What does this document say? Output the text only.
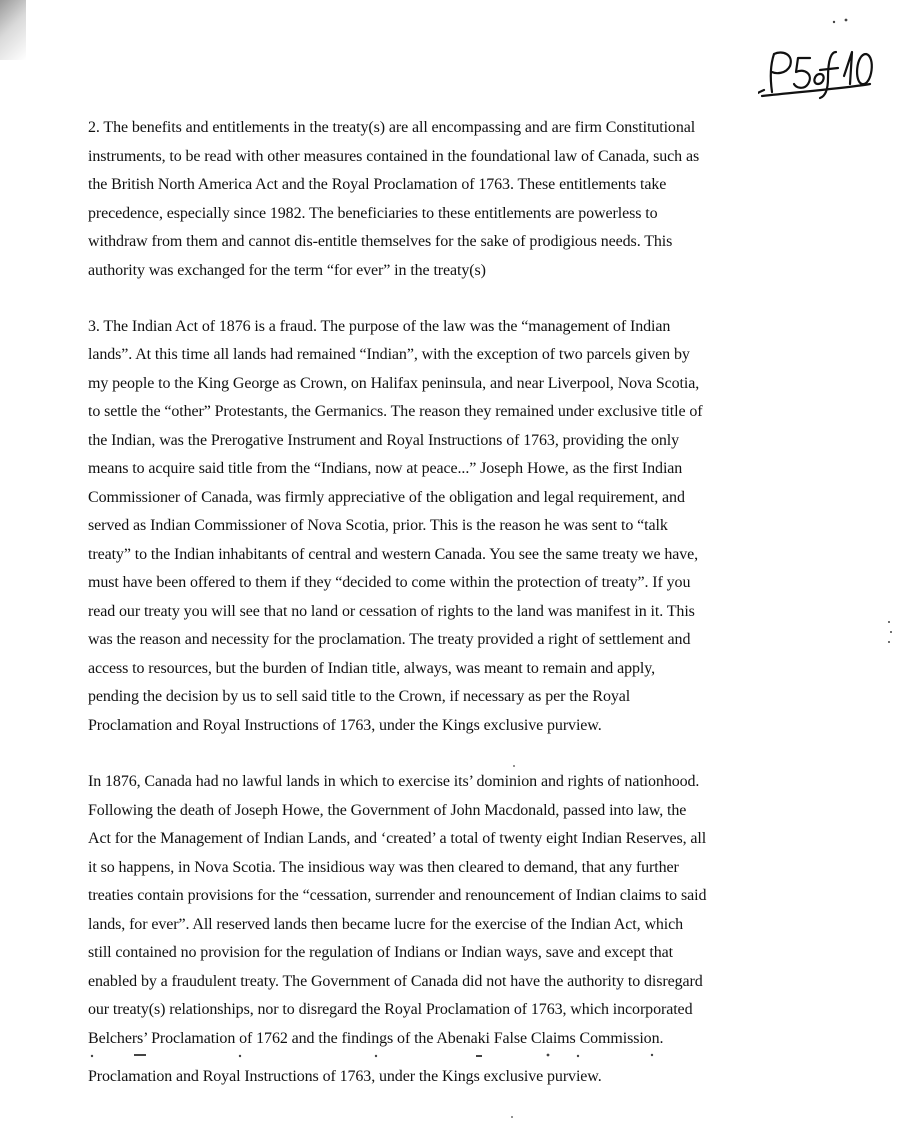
2. The benefits and entitlements in the treaty(s) are all encompassing and are firm Constitutional
instruments, to be read with other measures contained in the foundational law of Canada, such as
the British North America Act and the Royal Proclamation of 1763. These entitlements take
precedence, especially since 1982. The beneficiaries to these entitlements are powerless to
withdraw from them and cannot dis-entitle themselves for the sake of prodigious needs. This
authority was exchanged for the term “for ever” in the treaty(s)
3. The Indian Act of 1876 is a fraud. The purpose of the law was the “management of Indian
lands”. At this time all lands had remained “Indian”, with the exception of two parcels given by
my people to the King George as Crown, on Halifax peninsula, and near Liverpool, Nova Scotia,
to settle the “other” Protestants, the Germanics. The reason they remained under exclusive title of
the Indian, was the Prerogative Instrument and Royal Instructions of 1763, providing the only
means to acquire said title from the “Indians, now at peace...” Joseph Howe, as the first Indian
Commissioner of Canada, was firmly appreciative of the obligation and legal requirement, and
served as Indian Commissioner of Nova Scotia, prior. This is the reason he was sent to “talk
treaty” to the Indian inhabitants of central and western Canada. You see the same treaty we have,
must have been offered to them if they “decided to come within the protection of treaty”. If you
read our treaty you will see that no land or cessation of rights to the land was manifest in it. This
was the reason and necessity for the proclamation. The treaty provided a right of settlement and
access to resources, but the burden of Indian title, always, was meant to remain and apply,
pending the decision by us to sell said title to the Crown, if necessary as per the Royal
Proclamation and Royal Instructions of 1763, under the Kings exclusive purview.
In 1876, Canada had no lawful lands in which to exercise its’ dominion and rights of nationhood.
Following the death of Joseph Howe, the Government of John Macdonald, passed into law, the
Act for the Management of Indian Lands, and ‘created’ a total of twenty eight Indian Reserves, all
it so happens, in Nova Scotia. The insidious way was then cleared to demand, that any further
treaties contain provisions for the “cessation, surrender and renouncement of Indian claims to said
lands, for ever”. All reserved lands then became lucre for the exercise of the Indian Act, which
still contained no provision for the regulation of Indians or Indian ways, save and except that
enabled by a fraudulent treaty. The Government of Canada did not have the authority to disregard
our treaty(s) relationships, nor to disregard the Royal Proclamation of 1763, which incorporated
Belchers’ Proclamation of 1762 and the findings of the Abenaki False Claims Commission.
Proclamation and Royal Instructions of 1763, under the Kings exclusive purview.
